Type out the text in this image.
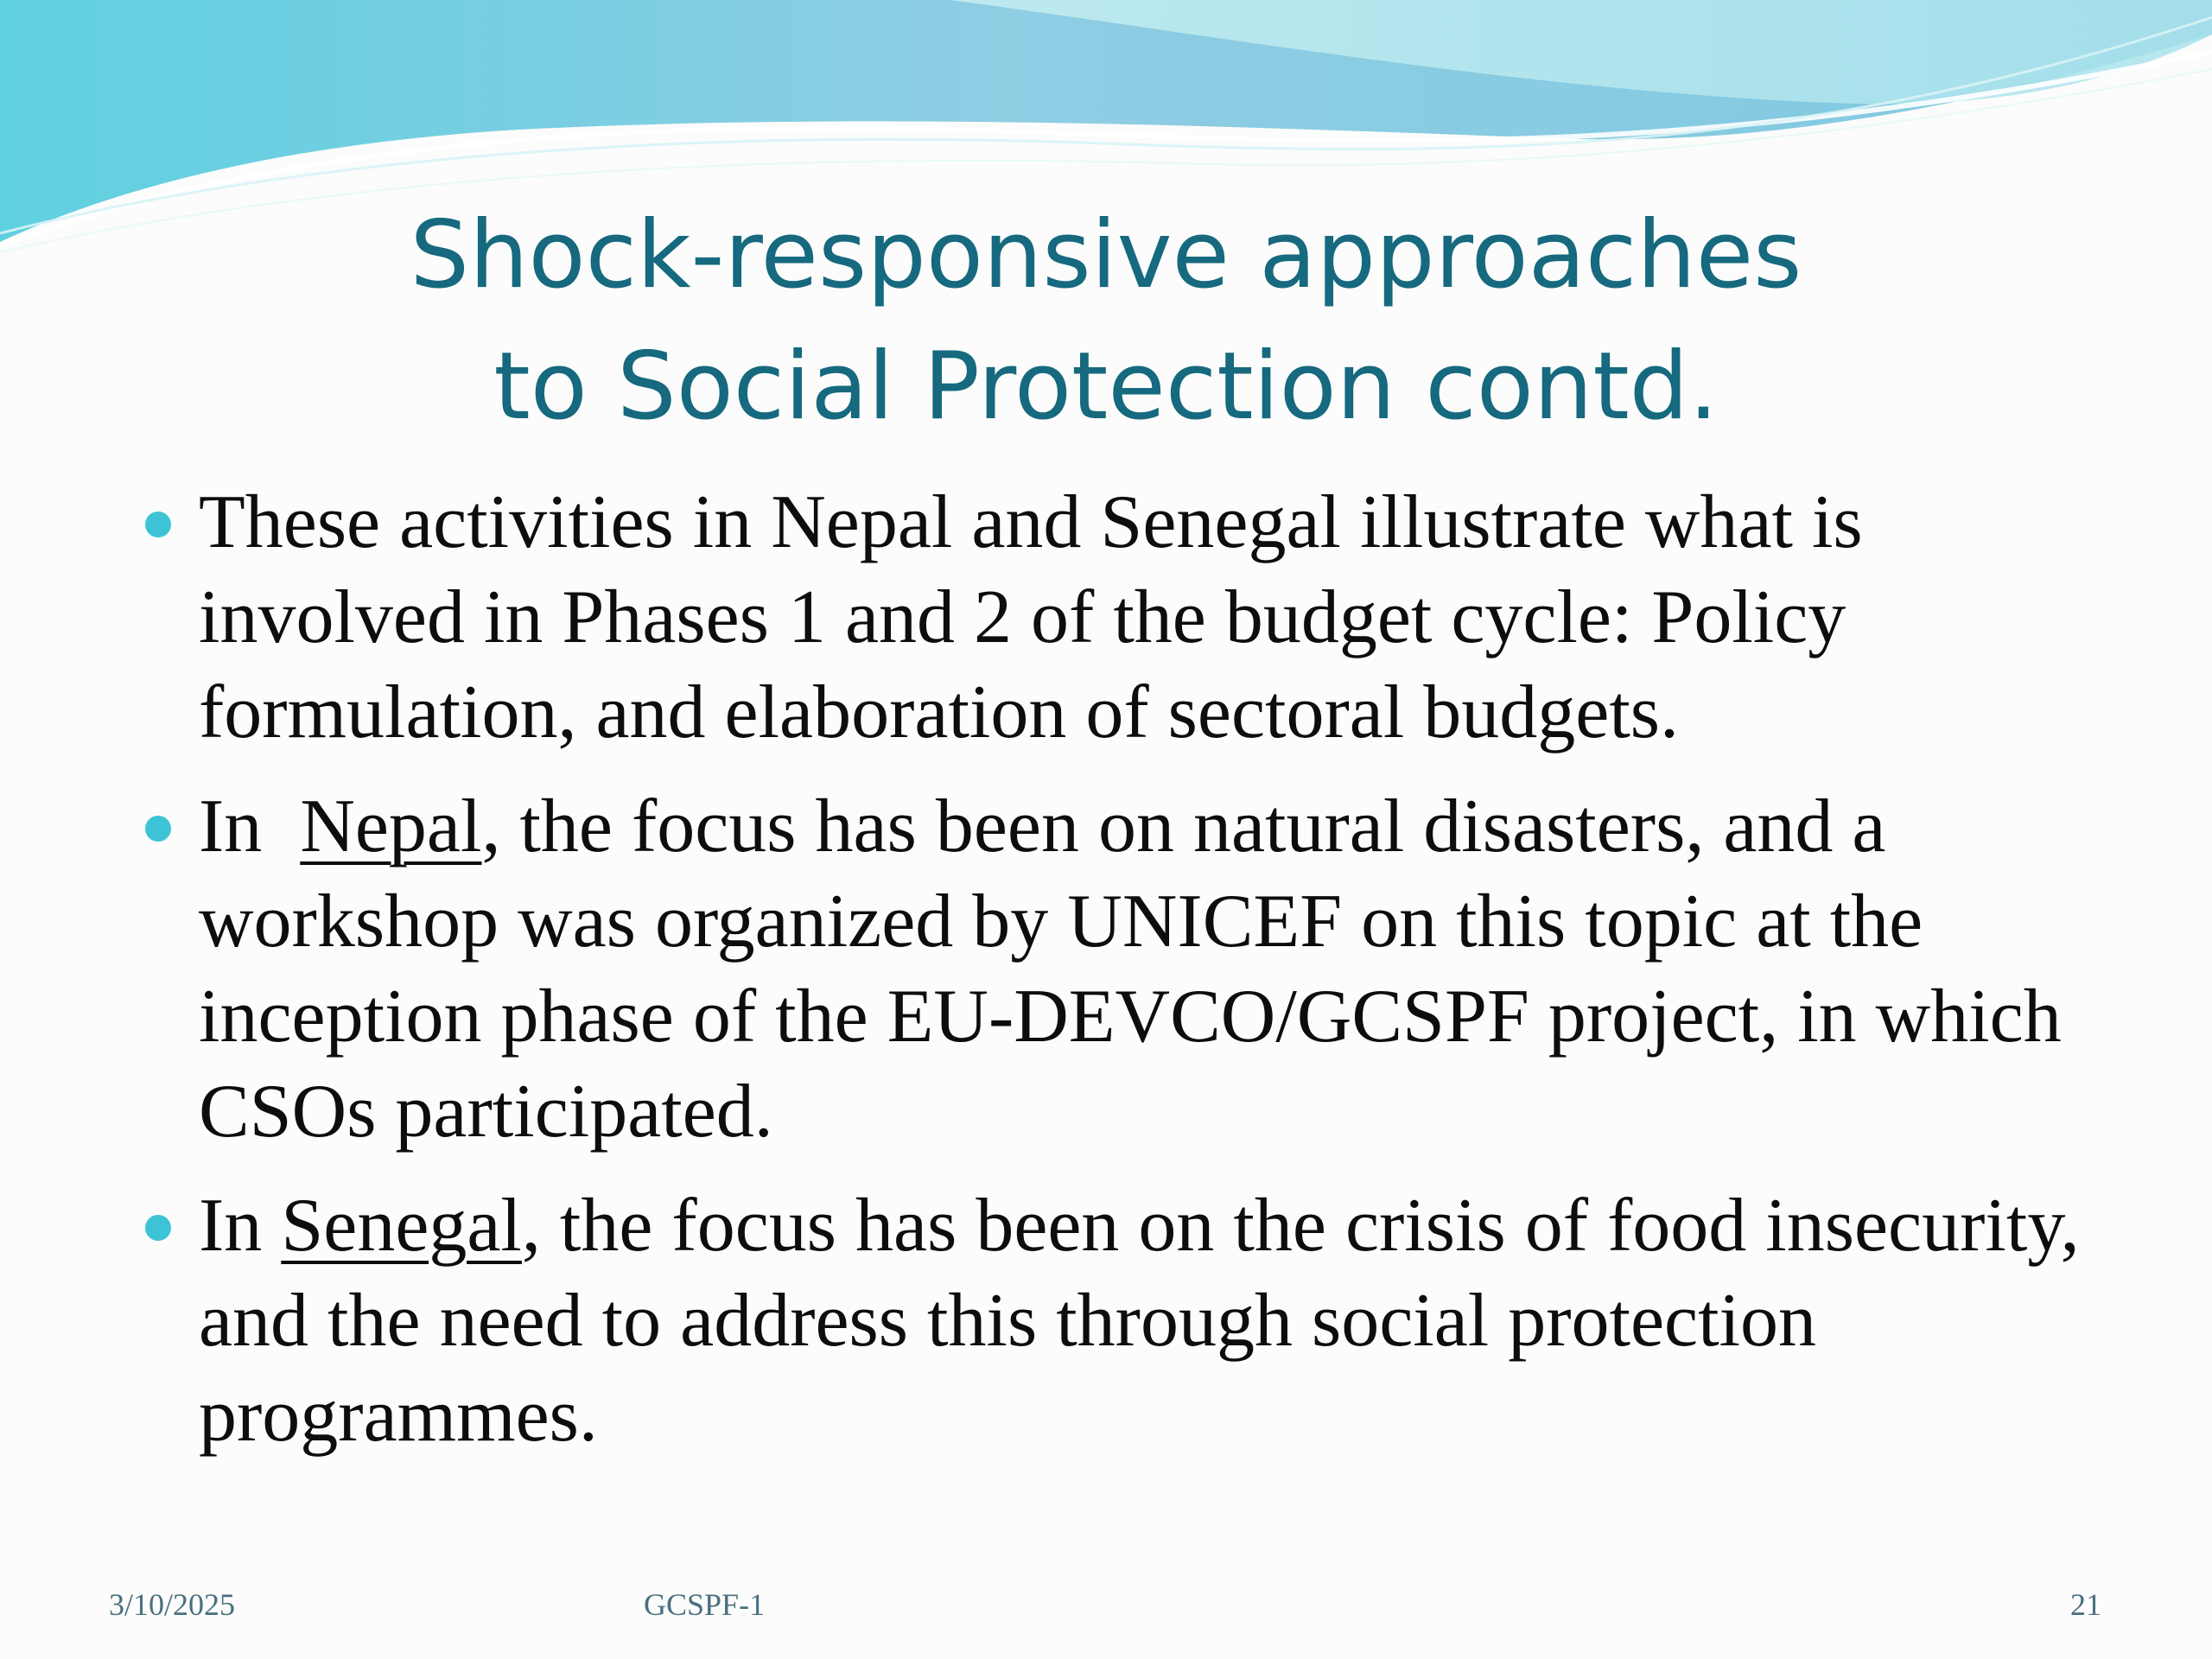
Shock-responsive approaches
to Social Protection contd.
These activities in Nepal and Senegal illustrate what is involved in Phases 1 and 2 of the budget cycle: Policy formulation, and elaboration of sectoral budgets.
In  Nepal, the focus has been on natural disasters, and a workshop was organized by UNICEF on this topic at the inception phase of the EU-DEVCO/GCSPF project, in which CSOs participated.
In Senegal, the focus has been on the crisis of food insecurity, and the need to address this through social protection programmes.
3/10/2025	GCSPF-1	21
